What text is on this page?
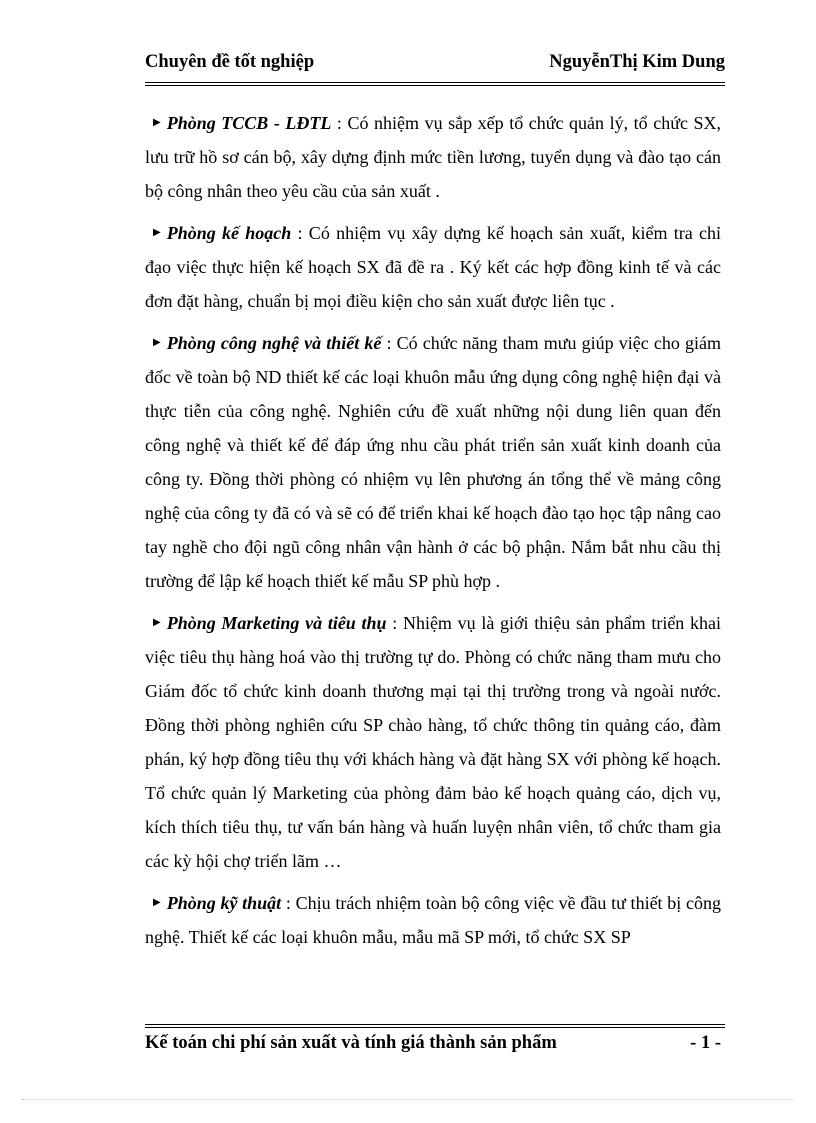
Chuyên đề tốt nghiệp	NguyễnThị Kim Dung

▶ Phòng TCCB - LĐTL : Có nhiệm vụ sắp xếp tổ chức quản lý, tổ chức SX, lưu trữ hồ sơ cán bộ, xây dựng định mức tiền lương, tuyển dụng và đào tạo cán bộ công nhân theo yêu cầu của sản xuất .

▶ Phòng kế hoạch : Có nhiệm vụ xây dựng kế hoạch sản xuất, kiểm tra chỉ đạo việc thực hiện kế hoạch SX đã đề ra . Ký kết các hợp đồng kinh tế và các đơn đặt hàng, chuẩn bị mọi điều kiện cho sản xuất được liên tục .

▶ Phòng công nghệ và thiết kế : Có chức năng tham mưu giúp việc cho giám đốc về toàn bộ ND thiết kế các loại khuôn mẫu ứng dụng công nghệ hiện đại và thực tiễn của công nghệ. Nghiên cứu đề xuất những nội dung liên quan đến công nghệ và thiết kế để đáp ứng nhu cầu phát triển sản xuất kinh doanh của công ty. Đồng thời phòng có nhiệm vụ lên phương án tổng thể về mảng công nghệ của công ty đã có và sẽ có để triển khai kế hoạch đào tạo học tập nâng cao tay nghề cho đội ngũ công nhân vận hành ở các bộ phận. Nắm bắt nhu cầu thị trường để lập kế hoạch thiết kế mẫu SP phù hợp .

▶ Phòng Marketing và tiêu thụ : Nhiệm vụ là giới thiệu sản phẩm triển khai việc tiêu thụ hàng hoá vào thị trường tự do. Phòng có chức năng tham mưu cho Giám đốc tổ chức kinh doanh thương mại tại thị trường trong và ngoài nước. Đồng thời phòng nghiên cứu SP chào hàng, tổ chức thông tin quảng cáo, đàm phán, ký hợp đồng tiêu thụ với khách hàng và đặt hàng SX với phòng kế hoạch. Tổ chức quản lý Marketing của phòng đảm bảo kế hoạch quảng cáo, dịch vụ, kích thích tiêu thụ, tư vấn bán hàng và huấn luyện nhân viên, tổ chức tham gia các kỳ hội chợ triển lãm …

▶ Phòng kỹ thuật : Chịu trách nhiệm toàn bộ công việc về đầu tư thiết bị công nghệ. Thiết kế các loại khuôn mẫu, mẫu mã SP mới, tổ chức SX SP

Kế toán chi phí sản xuất và tính giá thành sản phẩm	- 1 -
